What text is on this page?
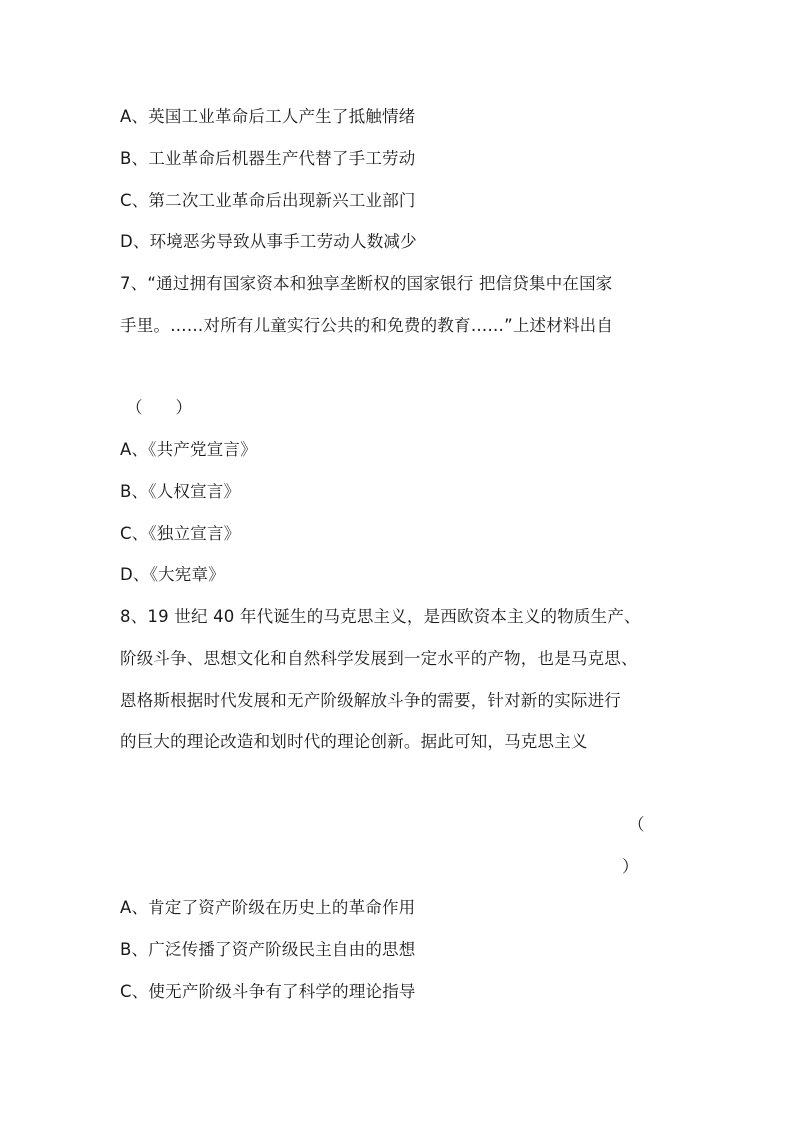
A、英国工业革命后工人产生了抵触情绪
B、工业革命后机器生产代替了手工劳动
C、第二次工业革命后出现新兴工业部门
D、环境恶劣导致从事手工劳动人数减少
7、“通过拥有国家资本和独享垄断权的国家银行 把信贷集中在国家
手里。……对所有儿童实行公共的和免费的教育……”上述材料出自
（　　）
A、《共产党宣言》
B、《人权宣言》
C、《独立宣言》
D、《大宪章》
8、19 世纪 40 年代诞生的马克思主义，是西欧资本主义的物质生产、
阶级斗争、思想文化和自然科学发展到一定水平的产物，也是马克思、
恩格斯根据时代发展和无产阶级解放斗争的需要，针对新的实际进行
的巨大的理论改造和划时代的理论创新。据此可知，马克思主义
（
）
A、肯定了资产阶级在历史上的革命作用
B、广泛传播了资产阶级民主自由的思想
C、使无产阶级斗争有了科学的理论指导
